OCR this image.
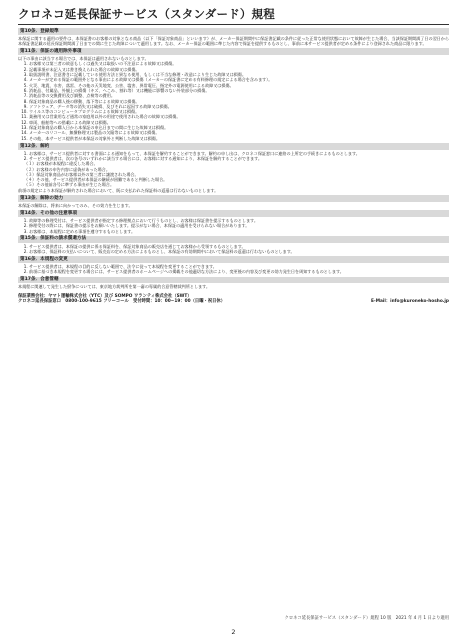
クロネコ延長保証サービス（スタンダード）規程
第10条．登録規準

本保証に関する適用の要件は、本保証書のお客様の対象となる商品（以下「保証対象商品」といいます）が、メーカー保証期間中に保証書記載の条件に従った正常な使用状態において故障が生じた場合、当該保証期間満了日の翌日から本保証書記載の延長保証期間満了日までの間に生じた故障について適用します。なお、メーカー保証の範囲に準じた内容で保証を提供するものとし、事前に本サービス提供者が定める条件により登録された商品に限ります。

第11条．保証の適用除外事項

以下の事由に該当する場合では、本保証は適用されないものとします。

1. お客様又は第三者の故意もしくは過失又は取扱いの不注意による故障又は損傷。
2. 記載事項が未記入又は書き換えられた場合の故障又は損傷。
3. 取扱説明書、注意書きに記載している使用方法と異なる使用、もしくは不当な修理・改造により生じた故障又は損傷。
4. メーカーが定める保証の範囲外となる事由による故障又は損傷（メーカーの保証書に定める有料修理の規定による場合を含みます）。
5. 火災、地震、水害、落雷、その他の天災地変、公害、塩害、異常電圧、指定外の電源使用による故障又は損傷。
6. 消耗品、付属品、外観上の損傷（キズ、へこみ、割れ等）又は機能に影響のない外装部分の損傷。
7. 消耗品等の交換費用及び調整、点検等の費用。
8. 保証対象商品の購入後の移動、落下等による故障又は損傷。
9. ソフトウェア、データ等の消失又は破損、及びそれに起因する故障又は損傷。
10. ウイルス等のコンピュータプログラムによる故障又は損傷。
11. 業務用又は営業用など通常の家庭用以外の用途で使用された場合の故障又は損傷。
12. 車両、船舶等への搭載による故障又は損傷。
13. 保証対象商品の購入日から本保証の申込日までの間に生じた故障又は損傷。
14. メーカーのリコール、無償修理又は製品の欠陥等による故障又は損傷。
15. その他、本サービス提供者が本保証の対象外と判断した故障又は損傷。
第12条．解約
1. お客様は、サービス提供者に対する書面による通知をもって、本保証を解約することができます。解約の申し出は、クロネコ保証窓口に連絡の上所定の手続きによるものとします。
2. サービス提供者は、次の各号のいずれかに該当する場合には、お客様に対する通知により、本保証を解約することができます。
（１）お客様が本規程に違反した場合。
（２）お客様の申告内容に虚偽があった場合。
（３）保証対象商品がお客様以外の第三者に譲渡された場合。
（４）その他、サービス提供者が本保証の継続が困難であると判断した場合。
（５）その他前各号に準ずる事由が生じた場合。

前項の規定により本保証が解約された場合において、既に支払われた保証料の返還は行わないものとします。

第13条．解除の効力

本保証の解除は、将来に向かってのみ、その効力を生じます。

第14条．その他の注意事項
1. 故障等の修理受付は、サービス提供者が指定する修理拠点において行うものとし、お客様は保証書を提示するものとします。
2. 修理受付の際には、保証書の提示をお願いいたします。提示がない場合、本保証の適用を受けられない場合があります。
3. お客様は、本規程に定める事項を遵守するものとします。
第15条．保証料の請求償還方法
1. サービス提供者は、本保証の提供に係る保証料を、保証対象商品の販売店を通じてお客様から受領するものとします。
2. お客様は、保証料の支払いについて、販売店の定める方法によるものとし、本保証の有効期間中において保証料の返還は行わないものとします。
第16条．本規程の変更
1. サービス提供者は、本規程の目的に反しない範囲で、法令に従って本規程を変更することができます。
2. 前項に基づき本規程を変更する場合には、サービス提供者のホームページへの掲載その他適切な方法により、変更後の内容及び変更の効力発生日を周知するものとします。
第17条．合意管轄

本規程に関連して発生した紛争については、東京地方裁判所を第一審の専属的合意管轄裁判所とします。

保証業務会社：ヤマト運輸株式会社（YTC）及び SOMPO ワランティ株式会社（SWT）
クロネコ延長保証窓口　0800-100-9615 フリーコール　受付時間：10：00~19：00（日曜・祝日休）	E-Mail：info@kuroneko-hosho.jp
クロネコ延長保証サービス（スタンダード）規程 10 版　2021 年 4 月 1 日より適用
2
